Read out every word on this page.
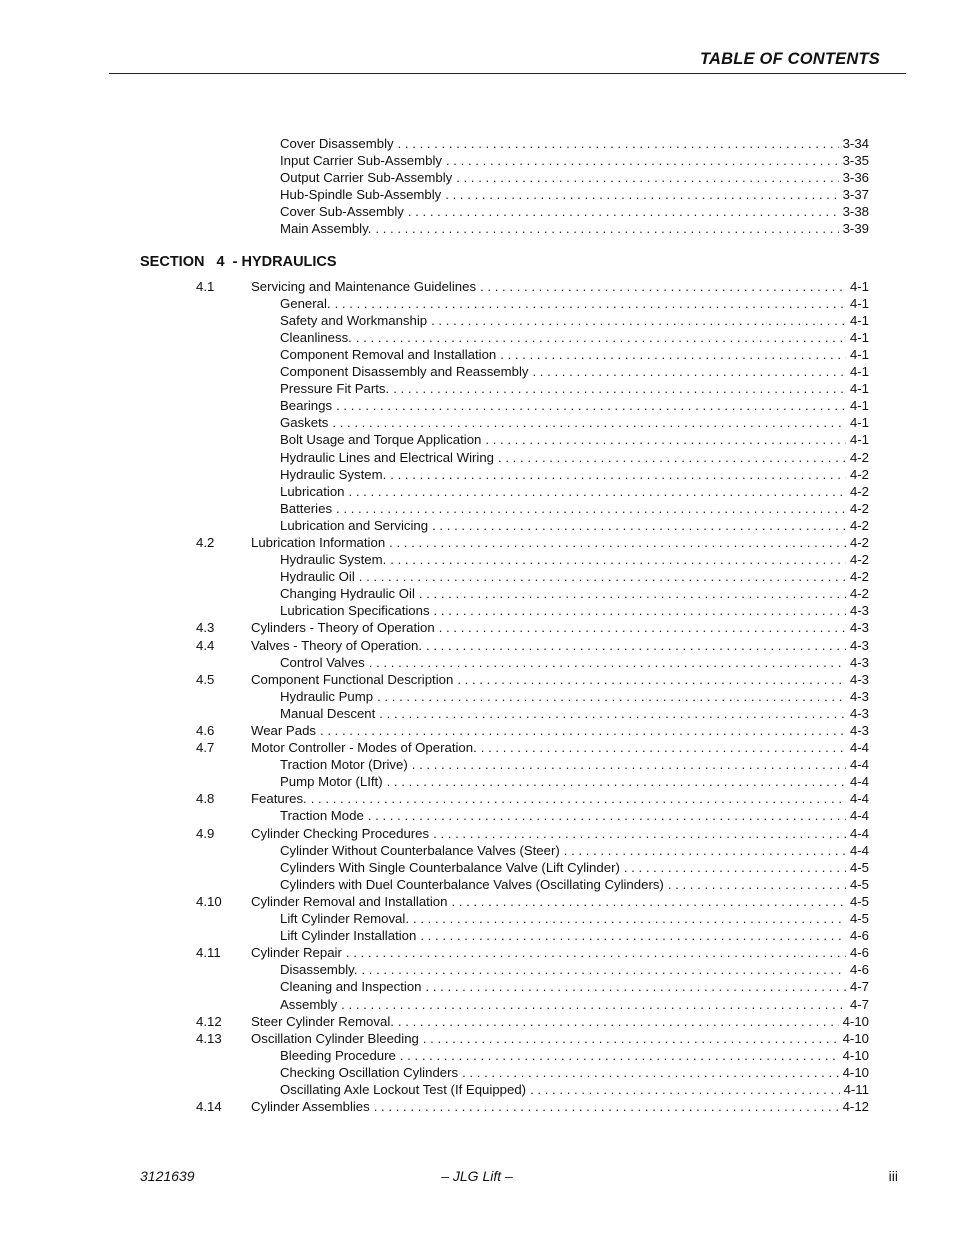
TABLE OF CONTENTS
Cover Disassembly . . .	3-34
Input Carrier Sub-Assembly . . .	3-35
Output Carrier Sub-Assembly . . .	3-36
Hub-Spindle Sub-Assembly . . .	3-37
Cover Sub-Assembly . . .	3-38
Main Assembly. . . .	3-39
SECTION   4  - HYDRAULICS
4.1	Servicing and Maintenance Guidelines . . .	4-1
General. . . .	4-1
Safety and Workmanship . . .	4-1
Cleanliness. . . .	4-1
Component Removal and Installation . . .	4-1
Component Disassembly and Reassembly . . .	4-1
Pressure Fit Parts. . . .	4-1
Bearings . . .	4-1
Gaskets . . .	4-1
Bolt Usage and Torque Application . . .	4-1
Hydraulic Lines and Electrical Wiring . . .	4-2
Hydraulic System. . . .	4-2
Lubrication . . .	4-2
Batteries . . .	4-2
Lubrication and Servicing . . .	4-2
4.2	Lubrication Information . . .	4-2
Hydraulic System. . . .	4-2
Hydraulic Oil . . .	4-2
Changing Hydraulic Oil . . .	4-2
Lubrication Specifications . . .	4-3
4.3	Cylinders - Theory of Operation . . .	4-3
4.4	Valves - Theory of Operation. . . .	4-3
Control Valves . . .	4-3
4.5	Component Functional Description . . .	4-3
Hydraulic Pump . . .	4-3
Manual Descent . . .	4-3
4.6	Wear Pads . . .	4-3
4.7	Motor Controller - Modes of Operation. . . .	4-4
Traction Motor (Drive) . . .	4-4
Pump Motor (LIft) . . .	4-4
4.8	Features. . . .	4-4
Traction Mode . . .	4-4
4.9	Cylinder Checking Procedures . . .	4-4
Cylinder Without Counterbalance Valves (Steer) . . .	4-4
Cylinders With Single Counterbalance Valve (Lift Cylinder) . . .	4-5
Cylinders with Duel Counterbalance Valves (Oscillating Cylinders) . . .	4-5
4.10 Cylinder Removal and Installation . . .	4-5
Lift Cylinder Removal. . . .	4-5
Lift Cylinder Installation . . .	4-6
4.11 Cylinder Repair . . .	4-6
Disassembly. . . .	4-6
Cleaning and Inspection . . .	4-7
Assembly . . .	4-7
4.12 Steer Cylinder Removal. . . .	4-10
4.13 Oscillation Cylinder Bleeding . . .	4-10
Bleeding Procedure . . .	4-10
Checking Oscillation Cylinders . . .	4-10
Oscillating Axle Lockout Test (If Equipped) . . .	4-11
4.14 Cylinder Assemblies . . .	4-12
3121639	– JLG Lift –	iii
